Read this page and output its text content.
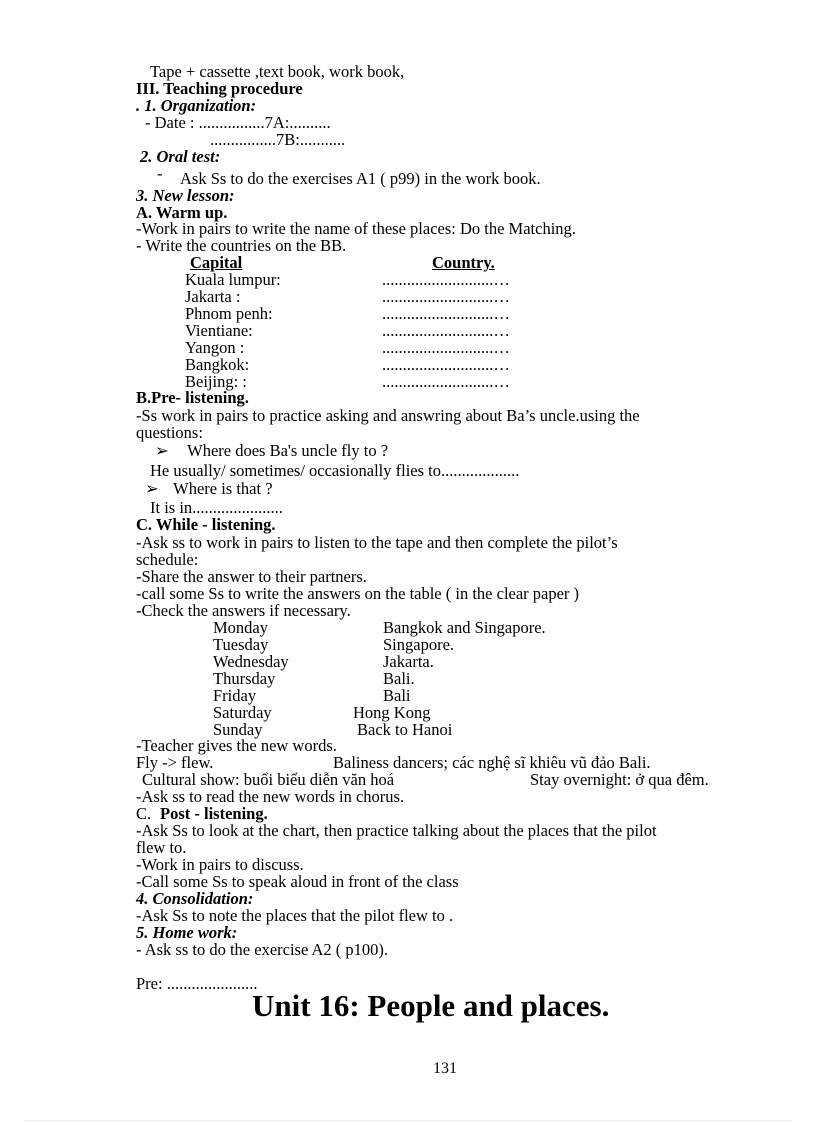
Tape + cassette ,text book, work book,
III. Teaching procedure
. 1. Organization:
- Date : ................7A:..........
................7B:...........
2. Oral test:
- Ask Ss to do the exercises A1 ( p99) in the work book.
3. New lesson:
A. Warm up.
-Work in pairs to write the name of these places: Do the Matching.
- Write the countries on the BB.
Capital	Country.
Kuala lumpur:	...........................…
Jakarta :	...........................…
Phnom penh:	...........................…
Vientiane:	...........................…
Yangon :	...........................…
Bangkok:	...........................…
Beijing: :	...........................…
B.Pre- listening.
-Ss work in pairs to practice asking and answring about Ba’s uncle.using the
questions:
➢ Where does Ba's uncle fly to ?
He usually/ sometimes/ occasionally flies to...................
➢ Where is that ?
It is in......................
C. While - listening.
-Ask ss to work in pairs to listen to the tape and then complete the pilot’s
schedule:
-Share the answer to their partners.
-call some Ss to write the answers on the table ( in the clear paper )
-Check the answers if necessary.
Monday	Bangkok and Singapore.
Tuesday	Singapore.
Wednesday	Jakarta.
Thursday	Bali.
Friday	Bali
Saturday	Hong Kong
Sunday	Back to Hanoi
-Teacher gives the new words.
Fly -> flew.	Baliness dancers; các nghệ sĩ khiêu vũ đảo Bali.
Cultural show: buổi biểu diễn văn hoá	Stay overnight: ở qua đêm.
-Ask ss to read the new words in chorus.
C. Post - listening.
-Ask Ss to look at the chart, then practice talking about the places that the pilot
flew to.
-Work in pairs to discuss.
-Call some Ss to speak aloud in front of the class
4. Consolidation:
-Ask Ss to note the places that the pilot flew to .
5. Home work:
- Ask ss to do the exercise A2 ( p100).
Pre: ......................
Unit 16: People and places.
131
